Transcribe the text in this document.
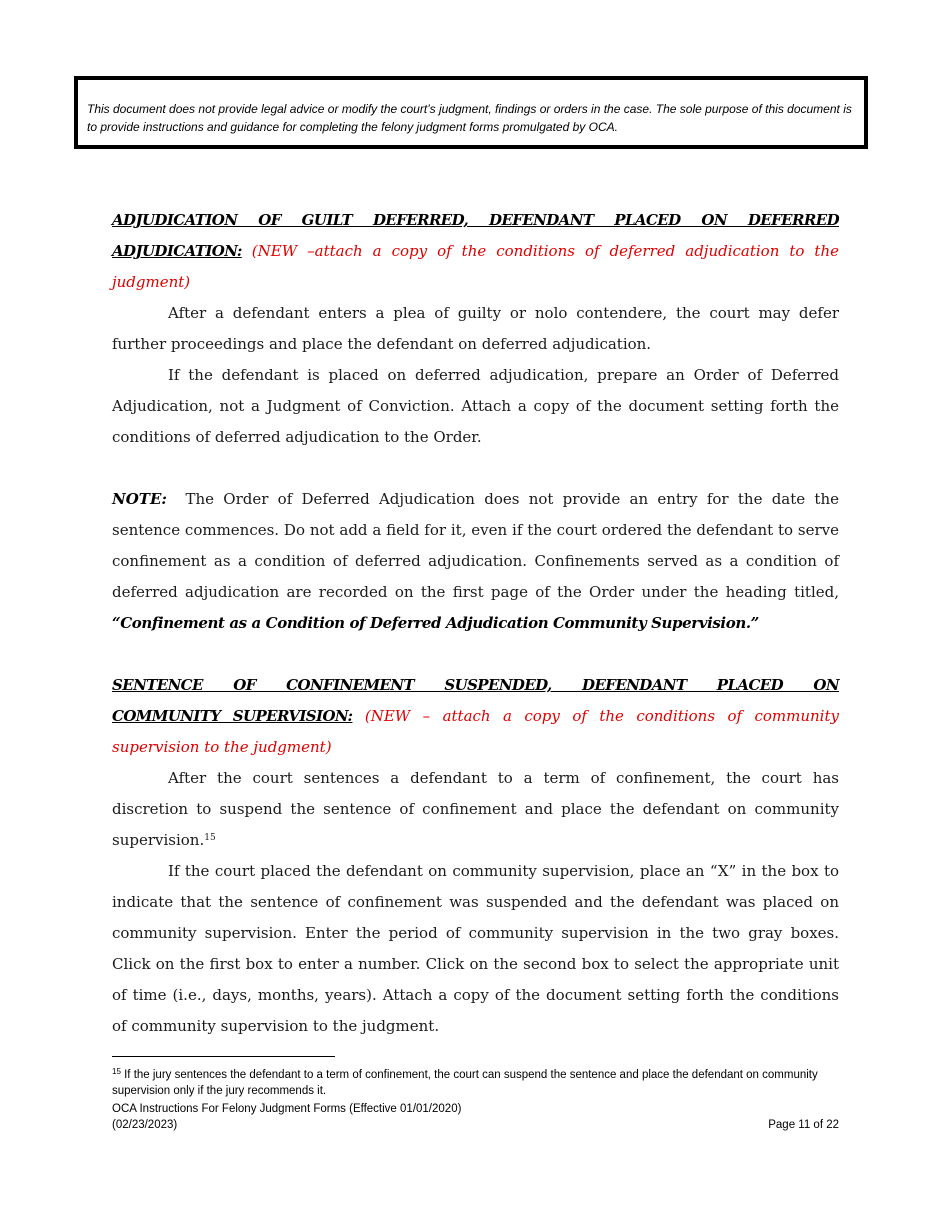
This document does not provide legal advice or modify the court’s judgment, findings or orders in the case. The sole purpose of this document is to provide instructions and guidance for completing the felony judgment forms promulgated by OCA.

ADJUDICATION OF GUILT DEFERRED, DEFENDANT PLACED ON DEFERRED

ADJUDICATION: (NEW –attach a copy of the conditions of deferred adjudication to the judgment)

After a defendant enters a plea of guilty or nolo contendere, the court may defer further proceedings and place the defendant on deferred adjudication.

If the defendant is placed on deferred adjudication, prepare an Order of Deferred Adjudication, not a Judgment of Conviction. Attach a copy of the document setting forth the conditions of deferred adjudication to the Order.

NOTE: The Order of Deferred Adjudication does not provide an entry for the date the sentence commences. Do not add a field for it, even if the court ordered the defendant to serve confinement as a condition of deferred adjudication. Confinements served as a condition of deferred adjudication are recorded on the first page of the Order under the heading titled, “Confinement as a Condition of Deferred Adjudication Community Supervision.”

SENTENCE OF CONFINEMENT SUSPENDED, DEFENDANT PLACED ON

COMMUNITY SUPERVISION: (NEW – attach a copy of the conditions of community supervision to the judgment)

After the court sentences a defendant to a term of confinement, the court has discretion to suspend the sentence of confinement and place the defendant on community supervision.$^{15}$

If the court placed the defendant on community supervision, place an “X” in the box to indicate that the sentence of confinement was suspended and the defendant was placed on community supervision. Enter the period of community supervision in the two gray boxes. Click on the first box to enter a number. Click on the second box to select the appropriate unit of time (i.e., days, months, years). Attach a copy of the document setting forth the conditions of community supervision to the judgment.

$^{15}$ If the jury sentences the defendant to a term of confinement, the court can suspend the sentence and place the defendant on community supervision only if the jury recommends it.
OCA Instructions For Felony Judgment Forms (Effective 01/01/2020)
(02/23/2023)	Page 11 of 22
